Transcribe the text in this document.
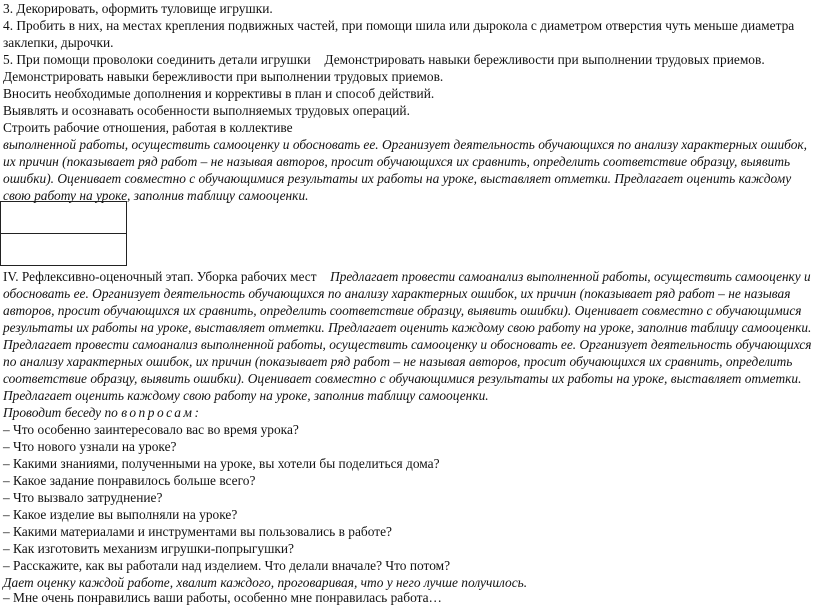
3. Декорировать, оформить туловище игрушки.

4. Пробить в них, на местах крепления подвижных частей, при помощи шила или дырокола с диаметром отверстия чуть меньше диаметра

заклепки, дырочки.

5. При помощи проволоки соединить детали игрушки Демонстрировать навыки бережливости при выполнении трудовых приемов.

Демонстрировать навыки бережливости при выполнении трудовых приемов.

Вносить необходимые дополнения и коррективы в план и способ действий.

Выявлять и осознавать особенности выполняемых трудовых операций.

Строить рабочие отношения, работая в коллективе

выполненной работы, осуществить самооценку и обосновать ее. Организует деятельность обучающихся по анализу характерных ошибок,

их причин (показывает ряд работ – не называя авторов, просит обучающихся их сравнить, определить соответствие образцу, выявить

ошибки). Оценивает совместно с обучающимися результаты их работы на уроке, выставляет отметки. Предлагает оценить каждому

свою работу на уроке, заполнив таблицу самооценки.

IV. Рефлексивно-оценочный этап. Уборка рабочих мест Предлагает провести самоанализ выполненной работы, осуществить самооценку и

обосновать ее. Организует деятельность обучающихся по анализу характерных ошибок, их причин (показывает ряд работ – не называя

авторов, просит обучающихся их сравнить, определить соответствие образцу, выявить ошибки). Оценивает совместно с обучающимися

результаты их работы на уроке, выставляет отметки. Предлагает оценить каждому свою работу на уроке, заполнив таблицу самооценки.

Предлагает провести самоанализ выполненной работы, осуществить самооценку и обосновать ее. Организует деятельность обучающихся

по анализу характерных ошибок, их причин (показывает ряд работ – не называя авторов, просит обучающихся их сравнить, определить

соответствие образцу, выявить ошибки). Оценивает совместно с обучающимися результаты их работы на уроке, выставляет отметки.

Предлагает оценить каждому свою работу на уроке, заполнив таблицу самооценки.

Проводит беседу по вопросам:

– Что особенно заинтересовало вас во время урока?

– Что нового узнали на уроке?

– Какими знаниями, полученными на уроке, вы хотели бы поделиться дома?

– Какое задание понравилось больше всего?

– Что вызвало затруднение?

– Какое изделие вы выполняли на уроке?

– Какими материалами и инструментами вы пользовались в работе?

– Как изготовить механизм игрушки-попрыгушки?

– Расскажите, как вы работали над изделием. Что делали вначале? Что потом?

Дает оценку каждой работе, хвалит каждого, проговаривая, что у него лучше получилось.

– Мне очень понравились ваши работы, особенно мне понравилась работа…
